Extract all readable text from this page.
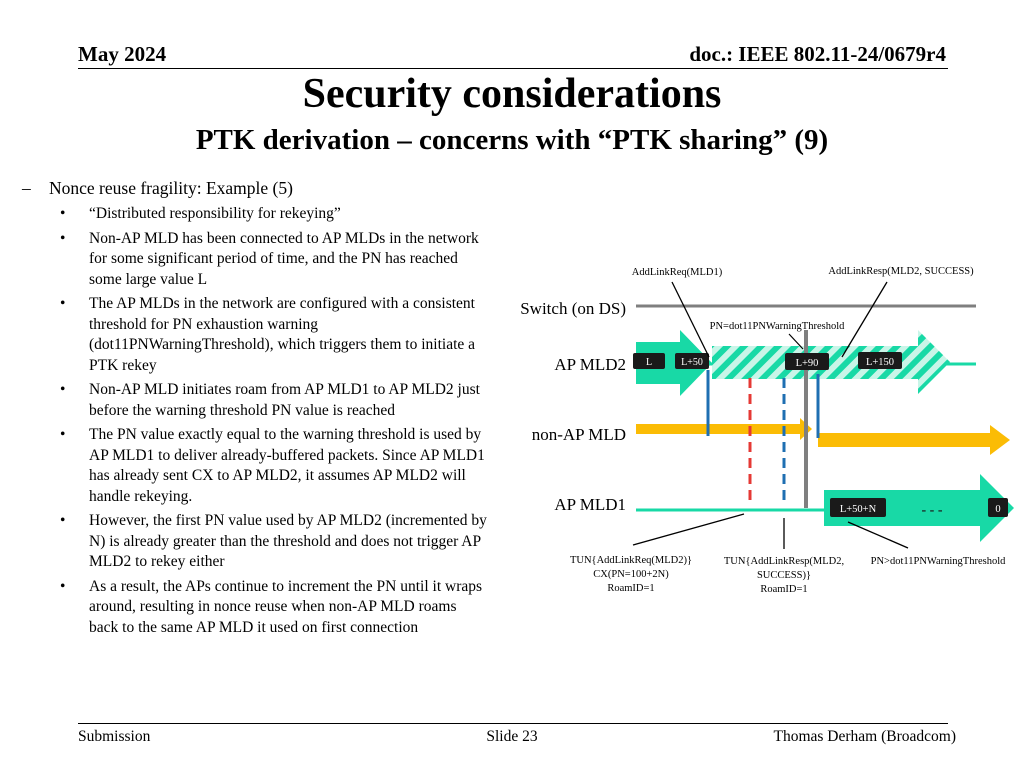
May 2024	doc.: IEEE 802.11-24/0679r4
Security considerations
PTK derivation – concerns with “PTK sharing” (9)
– Nonce reuse fragility: Example (5)
• “Distributed responsibility for rekeying”
• Non-AP MLD has been connected to AP MLDs in the network for some significant period of time, and the PN has reached some large value L
• The AP MLDs in the network are configured with a consistent threshold for PN exhaustion warning (dot11PNWarningThreshold), which triggers them to initiate a PTK rekey
• Non-AP MLD initiates roam from AP MLD1 to AP MLD2 just before the warning threshold PN value is reached
• The PN value exactly equal to the warning threshold is used by AP MLD1 to deliver already-buffered packets. Since AP MLD1 has already sent CX to AP MLD2, it assumes AP MLD2 will handle rekeying.
• However, the first PN value used by AP MLD2 (incremented by N) is already greater than the threshold and does not trigger AP MLD2 to rekey either
• As a result, the APs continue to increment the PN until it wraps around, resulting in nonce reuse when non-AP MLD roams back to the same AP MLD it used on first connection
Switch (on DS)
AP MLD2
non-AP MLD
AP MLD1
L	L+50	L+90	L+150
L+50+N	- - -	0
AddLinkReq(MLD1)	AddLinkResp(MLD2, SUCCESS)
PN=dot11PNWarningThreshold
TUN{AddLinkReq(MLD2)}
CX(PN=100+2N)
RoamID=1
TUN{AddLinkResp(MLD2,
SUCCESS)}
RoamID=1
PN>dot11PNWarningThreshold
Submission	Slide 23	Thomas Derham (Broadcom)
